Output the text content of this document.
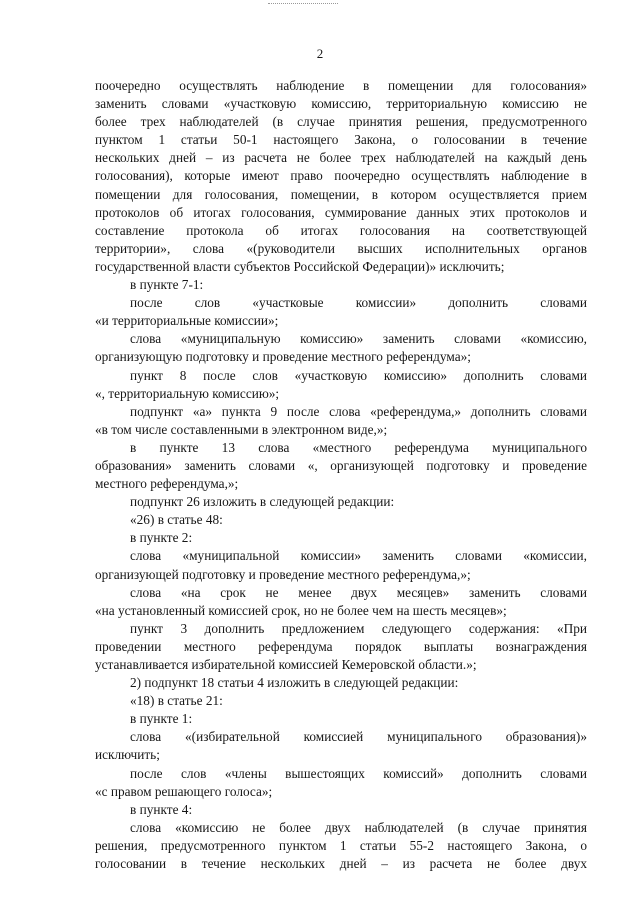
2
поочередно осуществлять наблюдение в помещении для голосования»
заменить словами «участковую комиссию, территориальную комиссию не
более трех наблюдателей (в случае принятия решения, предусмотренного
пунктом 1 статьи 50-1 настоящего Закона, о голосовании в течение
нескольких дней – из расчета не более трех наблюдателей на каждый день
голосования), которые имеют право поочередно осуществлять наблюдение в
помещении для голосования, помещении, в котором осуществляется прием
протоколов об итогах голосования, суммирование данных этих протоколов и
составление протокола об итогах голосования на соответствующей
территории», слова «(руководители высших исполнительных органов
государственной власти субъектов Российской Федерации)» исключить;
в пункте 7-1:
после слов «участковые комиссии» дополнить словами
«и территориальные комиссии»;
слова «муниципальную комиссию» заменить словами «комиссию,
организующую подготовку и проведение местного референдума»;
пункт 8 после слов «участковую комиссию» дополнить словами
«, территориальную комиссию»;
подпункт «а» пункта 9 после слова «референдума,» дополнить словами
«в том числе составленными в электронном виде,»;
в пункте 13 слова «местного референдума муниципального
образования» заменить словами «, организующей подготовку и проведение
местного референдума,»;
подпункт 26 изложить в следующей редакции:
«26) в статье 48:
в пункте 2:
слова «муниципальной комиссии» заменить словами «комиссии,
организующей подготовку и проведение местного референдума,»;
слова «на срок не менее двух месяцев» заменить словами
«на установленный комиссией срок, но не более чем на шесть месяцев»;
пункт 3 дополнить предложением следующего содержания: «При
проведении местного референдума порядок выплаты вознаграждения
устанавливается избирательной комиссией Кемеровской области.»;
2) подпункт 18 статьи 4 изложить в следующей редакции:
«18) в статье 21:
в пункте 1:
слова «(избирательной комиссией муниципального образования)»
исключить;
после слов «члены вышестоящих комиссий» дополнить словами
«с правом решающего голоса»;
в пункте 4:
слова «комиссию не более двух наблюдателей (в случае принятия
решения, предусмотренного пунктом 1 статьи 55-2 настоящего Закона, о
голосовании в течение нескольких дней – из расчета не более двух
